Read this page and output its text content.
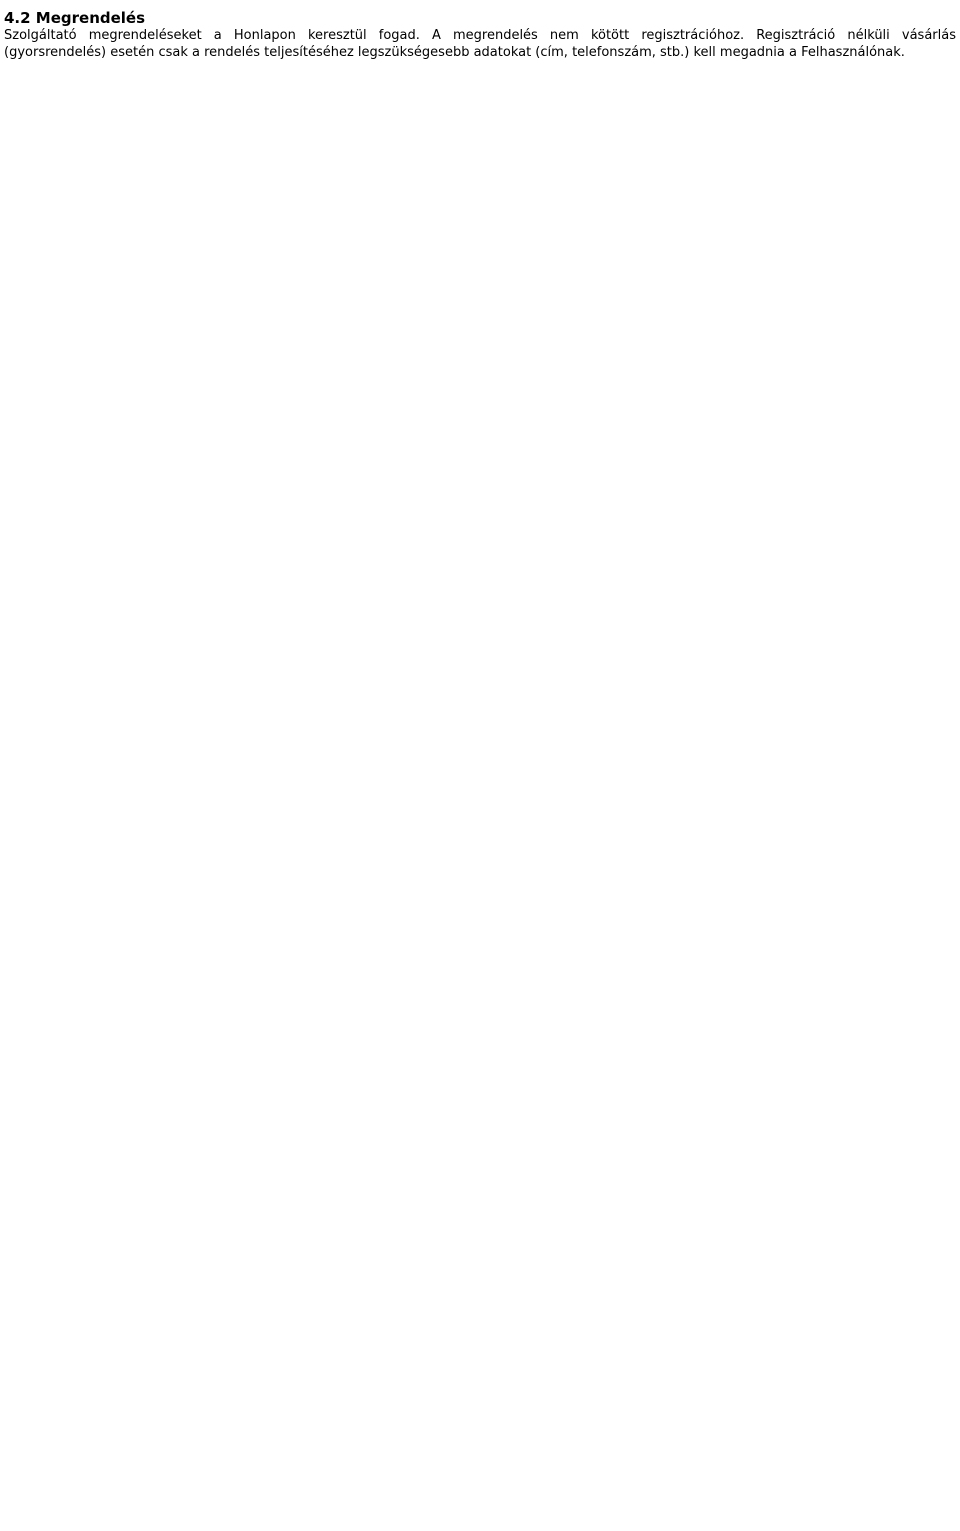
4.2 Megrendelés

Szolgáltató megrendeléseket a Honlapon keresztül fogad. A megrendelés nem kötött regisztrációhoz. Regisztráció nélküli vásárlás (gyorsrendelés) esetén csak a rendelés teljesítéséhez legszükségesebb adatokat (cím, telefonszám, stb.) kell megadnia a Felhasználónak.
